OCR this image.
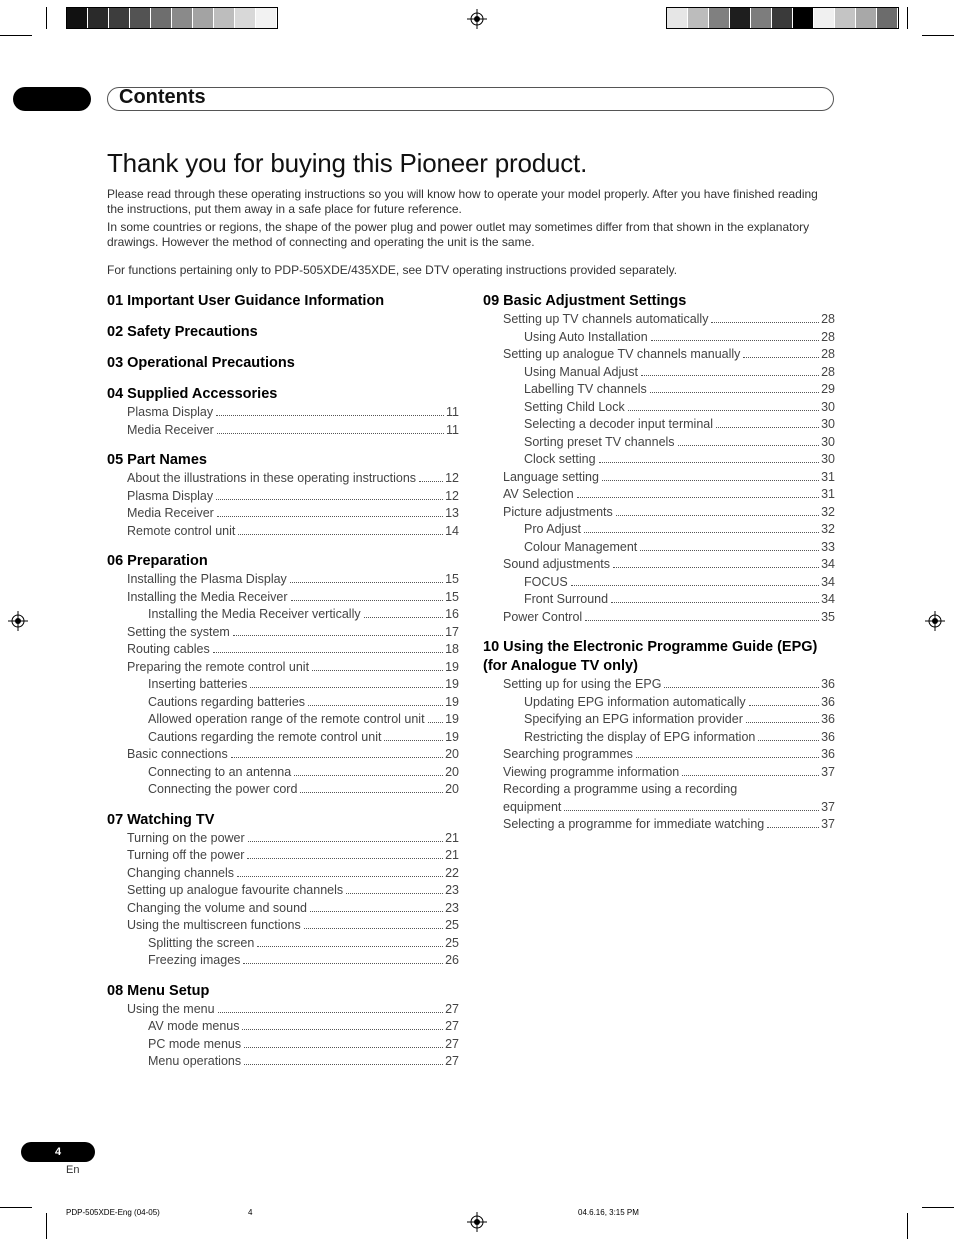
Contents
Thank you for buying this Pioneer product.
Please read through these operating instructions so you will know how to operate your model properly. After you have finished reading the instructions, put them away in a safe place for future reference.
In some countries or regions, the shape of the power plug and power outlet may sometimes differ from that shown in the explanatory drawings. However the method of connecting and operating the unit is the same.
For functions pertaining only to PDP-505XDE/435XDE, see DTV operating instructions provided separately.
01 Important User Guidance Information
02 Safety Precautions
03 Operational Precautions
04 Supplied Accessories
Plasma Display	11
Media Receiver	11
05 Part Names
About the illustrations in these operating instructions 12
Plasma Display	12
Media Receiver	13
Remote control unit	14
06 Preparation
Installing the Plasma Display	15
Installing the Media Receiver	15
Installing the Media Receiver vertically	16
Setting the system	17
Routing cables	18
Preparing the remote control unit	19
Inserting batteries	19
Cautions regarding batteries	19
Allowed operation range of the remote control unit 19
Cautions regarding the remote control unit	19
Basic connections	20
Connecting to an antenna	20
Connecting the power cord	20
07 Watching TV
Turning on the power	21
Turning off the power	21
Changing channels	22
Setting up analogue favourite channels	23
Changing the volume and sound	23
Using the multiscreen functions	25
Splitting the screen	25
Freezing images	26
08 Menu Setup
Using the menu	27
AV mode menus	27
PC mode menus	27
Menu operations	27
09 Basic Adjustment Settings
Setting up TV channels automatically	28
Using Auto Installation	28
Setting up analogue TV channels manually	28
Using Manual Adjust	28
Labelling TV channels	29
Setting Child Lock	30
Selecting a decoder input terminal	30
Sorting preset TV channels	30
Clock setting	30
Language setting	31
AV Selection	31
Picture adjustments	32
Pro Adjust	32
Colour Management	33
Sound adjustments	34
FOCUS	34
Front Surround	34
Power Control	35
10 Using the Electronic Programme Guide (EPG) (for Analogue TV only)
Setting up for using the EPG	36
Updating EPG information automatically	36
Specifying an EPG information provider	36
Restricting the display of EPG information	36
Searching programmes	36
Viewing programme information	37
Recording a programme using a recording
equipment	37
Selecting a programme for immediate watching	37
4
En
PDP-505XDE-Eng (04-05)	4	04.6.16, 3:15 PM
